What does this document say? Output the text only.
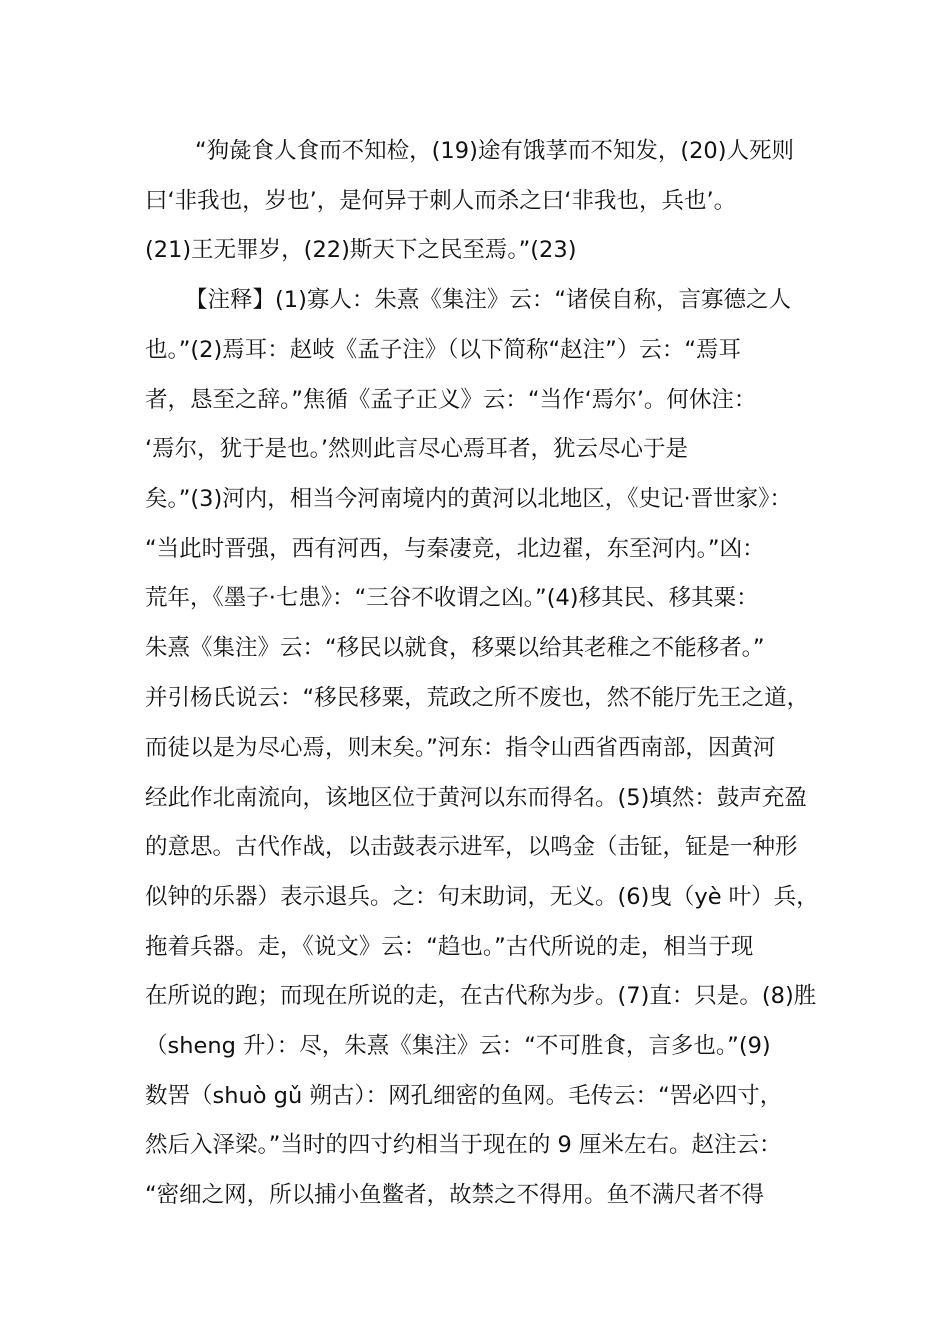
“狗彘食人食而不知检，(19)途有饿莩而不知发，(20)人死则
曰‘非我也，岁也’，是何异于刺人而杀之曰‘非我也，兵也’。
(21)王无罪岁，(22)斯天下之民至焉。”(23)
【注释】(1)寡人：朱熹《集注》云：“诸侯自称，言寡德之人
也。”(2)焉耳：赵岐《孟子注》（以下简称“赵注”）云：“焉耳
者，恳至之辞。”焦循《孟子正义》云：“当作‘焉尔’。何休注：
‘焉尔，犹于是也。’然则此言尽心焉耳者，犹云尽心于是
矣。”(3)河内，相当今河南境内的黄河以北地区，《史记·晋世家》：
“当此时晋强，西有河西，与秦凄竞，北边翟，东至河内。”凶：
荒年，《墨子·七患》：“三谷不收谓之凶。”(4)移其民、移其粟：
朱熹《集注》云：“移民以就食，移粟以给其老稚之不能移者。”
并引杨氏说云：“移民移粟，荒政之所不废也，然不能厅先王之道，
而徒以是为尽心焉，则末矣。”河东：指令山西省西南部，因黄河
经此作北南流向，该地区位于黄河以东而得名。(5)填然：鼓声充盈
的意思。古代作战，以击鼓表示进军，以鸣金（击钲，钲是一种形
似钟的乐器）表示退兵。之：句末助词，无义。(6)曳（yè 叶）兵，
拖着兵器。走，《说文》云：“趋也。”古代所说的走，相当于现
在所说的跑；而现在所说的走，在古代称为步。(7)直：只是。(8)胜
（sheng 升）：尽，朱熹《集注》云：“不可胜食，言多也。”(9)
数罟（shuò gǔ 朔古）：网孔细密的鱼网。毛传云：“罟必四寸，
然后入泽梁。”当时的四寸约相当于现在的 9 厘米左右。赵注云：
“密细之网，所以捕小鱼鳖者，故禁之不得用。鱼不满尺者不得
